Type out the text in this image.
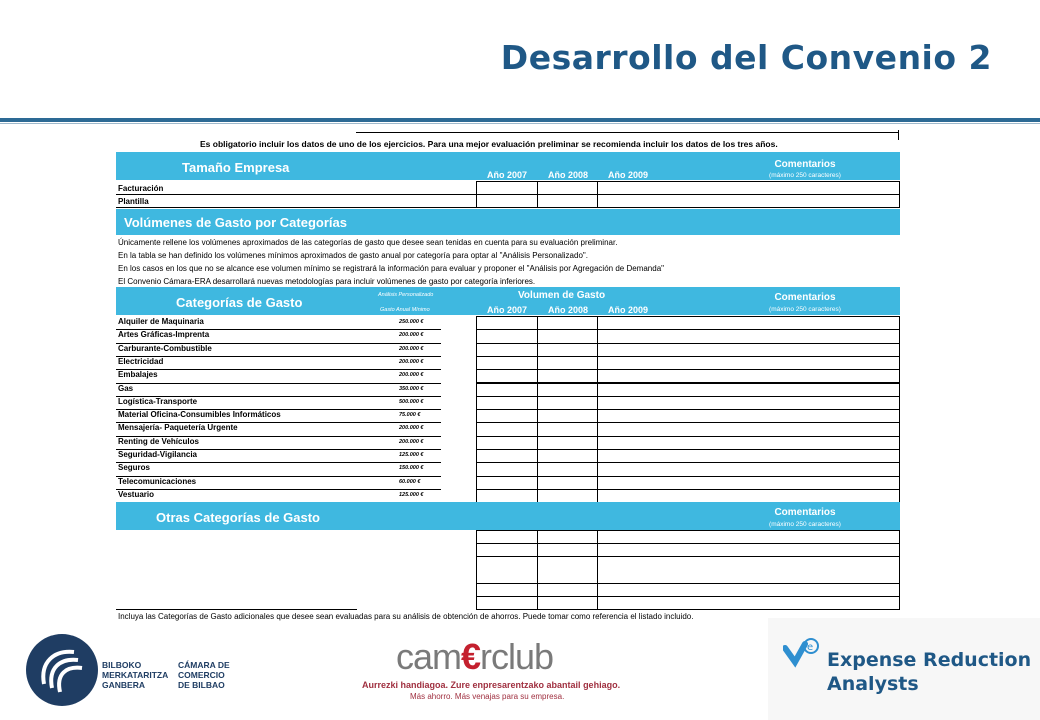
Desarrollo del Convenio 2
Es obligatorio incluir los datos de uno de los ejercicios. Para una mejor evaluación preliminar se recomienda incluir los datos de los tres años.
Tamaño Empresa	Año 2007 Año 2008 Año 2009
Comentarios
(máximo 250 caracteres)
Facturación
Plantilla
Volúmenes de Gasto por Categorías
Únicamente rellene los volúmenes aproximados de las categorías de gasto que desee sean tenidas en cuenta para su evaluación preliminar.
En la tabla se han definido los volúmenes mínimos aproximados de gasto anual por categoría para optar al "Análisis Personalizado".
En los casos en los que no se alcance ese volumen mínimo se registrará la información para evaluar y proponer el "Análisis por Agregación de Demanda"
El Convenio Cámara-ERA desarrollará nuevas metodologías para incluir volúmenes de gasto por categoría inferiores.
Categorías de Gasto	Análisis Personalizado
Gasto Anual Mínimo
Volumen de Gasto
Año 2007 Año 2008 Año 2009
Comentarios
(máximo 250 caracteres)
Alquiler de Maquinaria	250.000 €
Artes Gráficas-Imprenta	200.000 €
Carburante-Combustible	200.000 €
Electricidad	200.000 €
Embalajes	200.000 €
Gas	350.000 €
Logística-Transporte	500.000 €
Material Oficina-Consumibles Informáticos	75.000 €
Mensajería- Paquetería Urgente	200.000 €
Renting de Vehículos	200.000 €
Seguridad-Vigilancia	125.000 €
Seguros	150.000 €
Telecomunicaciones	60.000 €
Vestuario	125.000 €
Otras Categorías de Gasto	Comentarios
(máximo 250 caracteres)
Incluya las Categorías de Gasto adicionales que desee sean evaluadas para su análisis de obtención de ahorros. Puede tomar como referencia el listado incluido.
BILBOKO
MERKATARITZA
GANBERA
CÁMARA DE
COMERCIO
DE BILBAO
cam€rclub
Aurrezki handiagoa. Zure enpresarentzako abantail gehiago.
Más ahorro. Más venajas para su empresa.
e
Expense Reduction
Analysts
